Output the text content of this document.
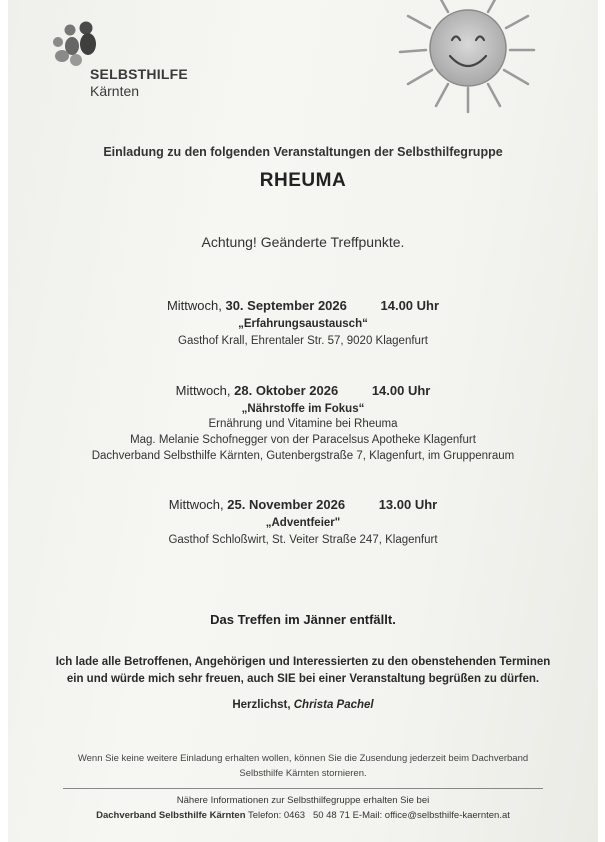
SELBSTHILFE
Kärnten
Einladung zu den folgenden Veranstaltungen der Selbsthilfegruppe
RHEUMA
Achtung! Geänderte Treffpunkte.
Mittwoch, 30. September 2026	14.00 Uhr
„Erfahrungsaustausch“
Gasthof Krall, Ehrentaler Str. 57, 9020 Klagenfurt
Mittwoch, 28. Oktober 2026	14.00 Uhr
„Nährstoffe im Fokus“
Ernährung und Vitamine bei Rheuma
Mag. Melanie Schofnegger von der Paracelsus Apotheke Klagenfurt
Dachverband Selbsthilfe Kärnten, Gutenbergstraße 7, Klagenfurt, im Gruppenraum
Mittwoch, 25. November 2026	13.00 Uhr
„Adventfeier"
Gasthof Schloßwirt, St. Veiter Straße 247, Klagenfurt
Das Treffen im Jänner entfällt.
Ich lade alle Betroffenen, Angehörigen und Interessierten zu den obenstehenden Terminen
ein und würde mich sehr freuen, auch SIE bei einer Veranstaltung begrüßen zu dürfen.
Herzlichst, Christa Pachel
Wenn Sie keine weitere Einladung erhalten wollen, können Sie die Zusendung jederzeit beim Dachverband
Selbsthilfe Kärnten stornieren.
Nähere Informationen zur Selbsthilfegruppe erhalten Sie bei
Dachverband Selbsthilfe Kärnten Telefon: 0463   50 48 71 E-Mail: office@selbsthilfe-kaernten.at
